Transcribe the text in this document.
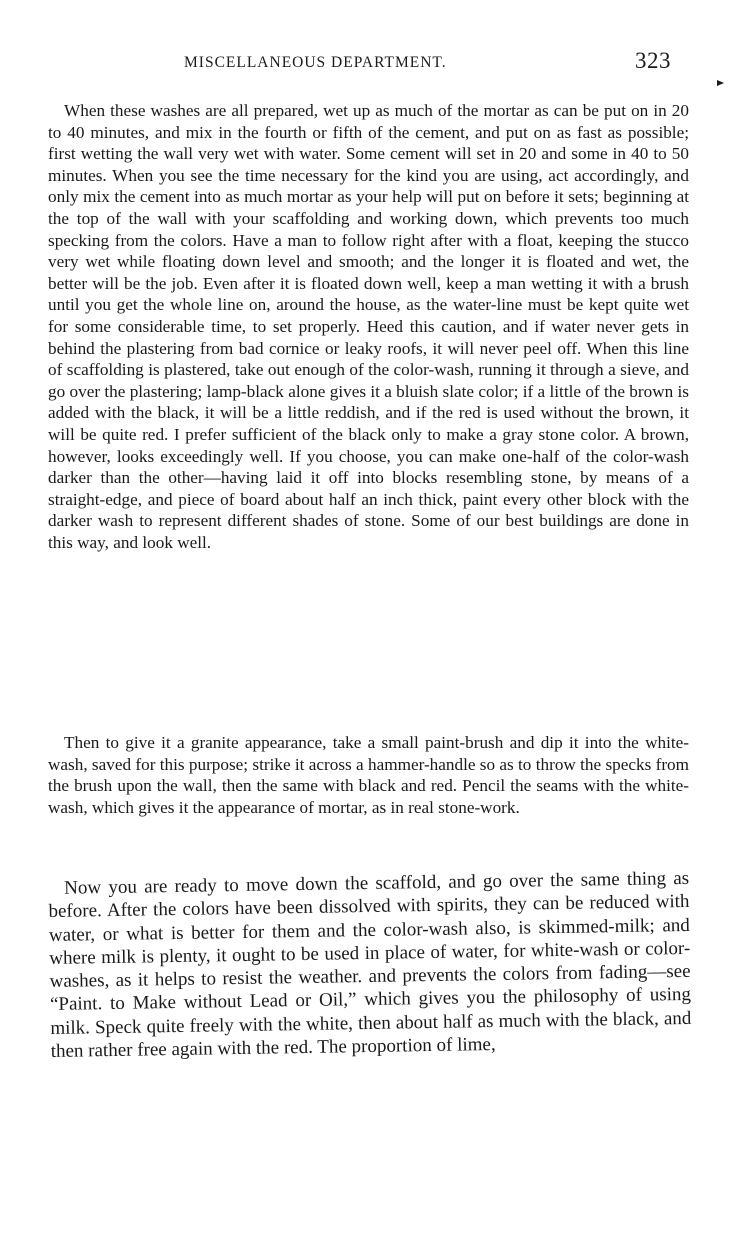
MISCELLANEOUS DEPARTMENT.	323

When these washes are all prepared, wet up as much of the mortar as can be put on in 20 to 40 minutes, and mix in the fourth or fifth of the cement, and put on as fast as possible; first wetting the wall very wet with water. Some cement will set in 20 and some in 40 to 50 minutes. When you see the time necessary for the kind you are using, act accordingly, and only mix the cement into as much mortar as your help will put on before it sets; beginning at the top of the wall with your scaffolding and working down, which prevents too much specking from the colors. Have a man to follow right after with a float, keeping the stucco very wet while floating down level and smooth; and the longer it is floated and wet, the better will be the job. Even after it is floated down well, keep a man wetting it with a brush until you get the whole line on, around the house, as the water-line must be kept quite wet for some considerable time, to set properly. Heed this caution, and if water never gets in behind the plastering from bad cornice or leaky roofs, it will never peel off. When this line of scaffolding is plastered, take out enough of the color-wash, running it through a sieve, and go over the plastering; lamp-black alone gives it a bluish slate color; if a little of the brown is added with the black, it will be a little reddish, and if the red is used without the brown, it will be quite red. I prefer sufficient of the black only to make a gray stone color. A brown, however, looks exceedingly well. If you choose, you can make one-half of the color-wash darker than the other—having laid it off into blocks resembling stone, by means of a straight-edge, and piece of board about half an inch thick, paint every other block with the darker wash to represent different shades of stone. Some of our best buildings are done in this way, and look well.

Then to give it a granite appearance, take a small paint-brush and dip it into the white-wash, saved for this purpose; strike it across a hammer-handle so as to throw the specks from the brush upon the wall, then the same with black and red. Pencil the seams with the white-wash, which gives it the appearance of mortar, as in real stone-work.

Now you are ready to move down the scaffold, and go over the same thing as before. After the colors have been dissolved with spirits, they can be reduced with water, or what is better for them and the color-wash also, is skimmed-milk; and where milk is plenty, it ought to be used in place of water, for white-wash or color-washes, as it helps to resist the weather. and prevents the colors from fading—see “Paint. to Make without Lead or Oil,” which gives you the philosophy of using milk. Speck quite freely with the white, then about half as much with the black, and then rather free again with the red. The proportion of lime,
